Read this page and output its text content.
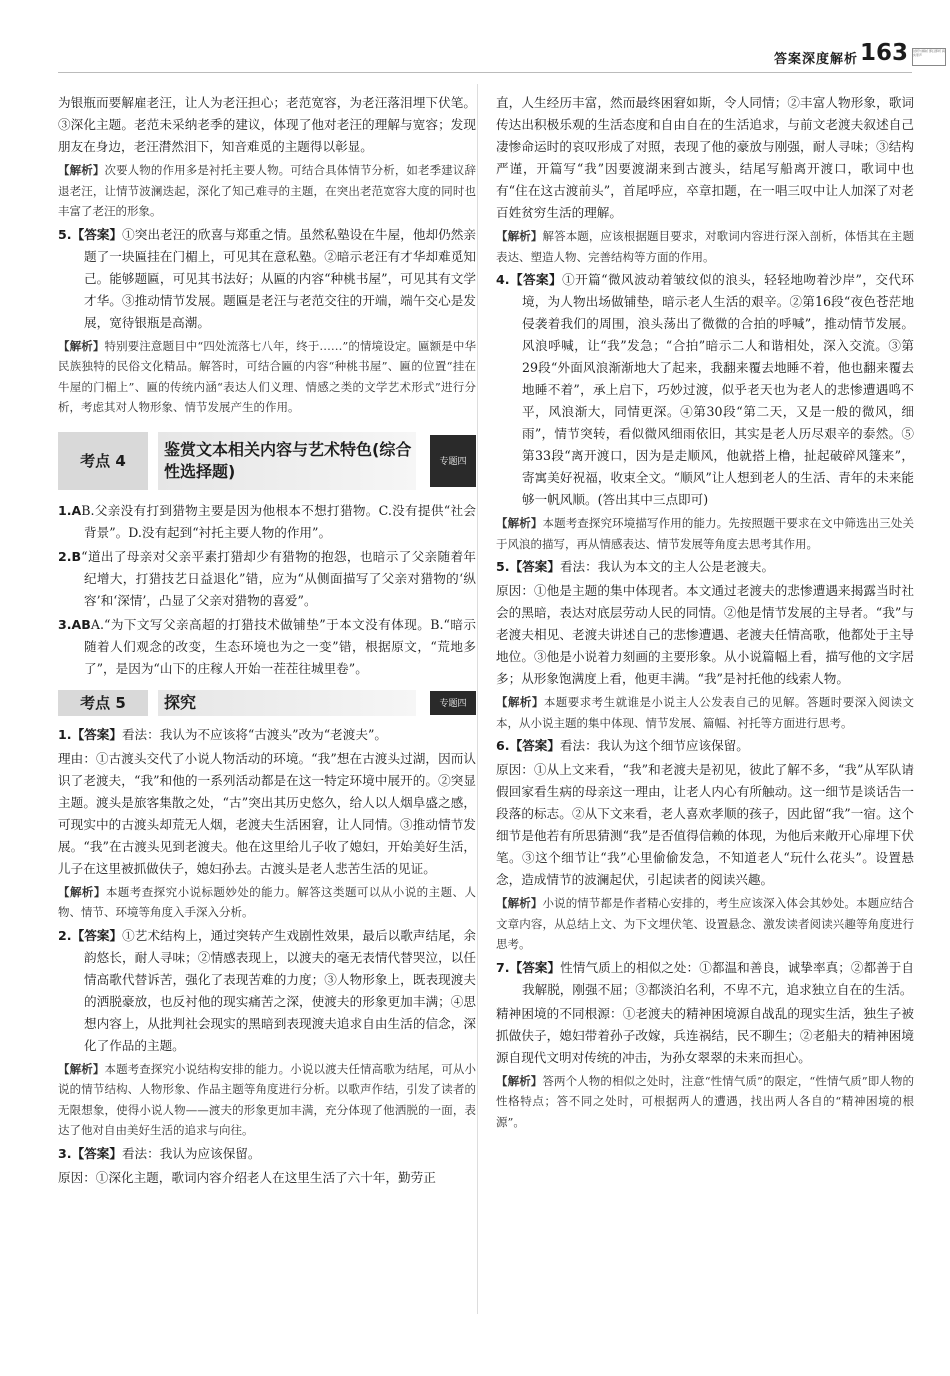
答案深度解析 163	试听与解析 即扫即听 真实原声

为银瓶而要解雇老汪，让人为老汪担心；老范宽容，为老汪落泪埋下伏笔。③深化主题。老范未采纳老季的建议，体现了他对老汪的理解与宽容；发现朋友在身边，老汪潸然泪下，知音难觅的主题得以彰显。

【解析】次要人物的作用多是衬托主要人物。可结合具体情节分析，如老季建议辞退老汪，让情节波澜迭起，深化了知己难寻的主题，在突出老范宽容大度的同时也丰富了老汪的形象。

5.【答案】①突出老汪的欣喜与郑重之情。虽然私塾设在牛屋，他却仍然亲题了一块匾挂在门楣上，可见其在意私塾。②暗示老汪有才华却难觅知己。能够题匾，可见其书法好；从匾的内容“种桃书屋”，可见其有文学才华。③推动情节发展。题匾是老汪与老范交往的开端，端午交心是发展，宽待银瓶是高潮。

【解析】特别要注意题目中“四处流落七八年，终于……”的情境设定。匾额是中华民族独特的民俗文化精品。解答时，可结合匾的内容“种桃书屋”、匾的位置“挂在牛屋的门楣上”、匾的传统内涵“表达人们义理、情感之类的文学艺术形式”进行分析，考虑其对人物形象、情节发展产生的作用。

考点 4
鉴赏文本相关内容与艺术特色(综合性选择题)	专题四

1.AB.父亲没有打到猎物主要是因为他根本不想打猎物。C.没有提供“社会背景”。D.没有起到“衬托主要人物的作用”。

2.B“道出了母亲对父亲平素打猎却少有猎物的抱怨，也暗示了父亲随着年纪增大，打猎技艺日益退化”错，应为“从侧面描写了父亲对猎物的‘纵容’和‘深情’，凸显了父亲对猎物的喜爱”。

3.ABA.“为下文写父亲高超的打猎技术做铺垫”于本文没有体现。B.“暗示随着人们观念的改变，生态环境也为之一变”错，根据原文，“荒地多了”，是因为“山下的庄稼人开始一茬茬往城里卷”。

考点 5	探究	专题四

1.【答案】看法：我认为不应该将“古渡头”改为“老渡夫”。

理由：①古渡头交代了小说人物活动的环境。“我”想在古渡头过湖，因而认识了老渡夫，“我”和他的一系列活动都是在这一特定环境中展开的。②突显主题。渡头是旅客集散之处，“古”突出其历史悠久，给人以人烟阜盛之感，可现实中的古渡头却荒无人烟，老渡夫生活困窘，让人同情。③推动情节发展。“我”在古渡头见到老渡夫。他在这里给儿子收了媳妇，开始美好生活，儿子在这里被抓做伕子，媳妇孙去。古渡头是老人悲苦生活的见证。

【解析】本题考查探究小说标题妙处的能力。解答这类题可以从小说的主题、人物、情节、环境等角度入手深入分析。

2.【答案】①艺术结构上，通过突转产生戏剧性效果，最后以歌声结尾，余韵悠长，耐人寻味；②情感表现上，以渡夫的毫无表情代替哭泣，以任情高歌代替诉苦，强化了表现苦难的力度；③人物形象上，既表现渡夫的洒脱豪放，也反衬他的现实痛苦之深，使渡夫的形象更加丰满；④思想内容上，从批判社会现实的黑暗到表现渡夫追求自由生活的信念，深化了作品的主题。

【解析】本题考查探究小说结构安排的能力。小说以渡夫任情高歌为结尾，可从小说的情节结构、人物形象、作品主题等角度进行分析。以歌声作结，引发了读者的无限想象，使得小说人物——渡夫的形象更加丰满，充分体现了他洒脱的一面，表达了他对自由美好生活的追求与向往。

3.【答案】看法：我认为应该保留。

原因：①深化主题，歌词内容介绍老人在这里生活了六十年，勤劳正

直，人生经历丰富，然而最终困窘如斯，令人同情；②丰富人物形象，歌词传达出积极乐观的生活态度和自由自在的生活追求，与前文老渡夫叙述自己凄惨命运时的哀叹形成了对照，表现了他的豪放与刚强，耐人寻味；③结构严谨，开篇写“我”因要渡湖来到古渡头，结尾写船离开渡口，歌词中也有“住在这古渡前头”，首尾呼应，卒章扣题，在一唱三叹中让人加深了对老百姓贫穷生活的理解。

【解析】解答本题，应该根据题目要求，对歌词内容进行深入剖析，体悟其在主题表达、塑造人物、完善结构等方面的作用。

4.【答案】①开篇“微风波动着皱纹似的浪头，轻轻地吻着沙岸”，交代环境，为人物出场做铺垫，暗示老人生活的艰辛。②第16段“夜色苍茫地侵袭着我们的周围，浪头荡出了微微的合拍的呼喊”，推动情节发展。风浪呼喊，让“我”发急；“合拍”暗示二人和谐相处，深入交流。③第29段“外面风浪渐渐地大了起来，我翻来覆去地睡不着，他也翻来覆去地睡不着”，承上启下，巧妙过渡，似乎老天也为老人的悲惨遭遇鸣不平，风浪渐大，同情更深。④第30段“第二天，又是一般的微风，细雨”，情节突转，看似微风细雨依旧，其实是老人历尽艰辛的泰然。⑤第33段“离开渡口，因为是走顺风，他就搭上橹，扯起破碎风篷来”，寄寓美好祝福，收束全文。“顺风”让人想到老人的生活、青年的未来能够一帆风顺。(答出其中三点即可)

【解析】本题考查探究环境描写作用的能力。先按照题干要求在文中筛选出三处关于风浪的描写，再从情感表达、情节发展等角度去思考其作用。

5.【答案】看法：我认为本文的主人公是老渡夫。

原因：①他是主题的集中体现者。本文通过老渡夫的悲惨遭遇来揭露当时社会的黑暗，表达对底层劳动人民的同情。②他是情节发展的主导者。“我”与老渡夫相见、老渡夫讲述自己的悲惨遭遇、老渡夫任情高歌，他都处于主导地位。③他是小说着力刻画的主要形象。从小说篇幅上看，描写他的文字居多；从形象饱满度上看，他更丰满。“我”是衬托他的线索人物。

【解析】本题要求考生就谁是小说主人公发表自己的见解。答题时要深入阅读文本，从小说主题的集中体现、情节发展、篇幅、衬托等方面进行思考。

6.【答案】看法：我认为这个细节应该保留。

原因：①从上文来看，“我”和老渡夫是初见，彼此了解不多，“我”从军队请假回家看生病的母亲这一理由，让老人内心有所触动。这一细节是谈话告一段落的标志。②从下文来看，老人喜欢孝顺的孩子，因此留“我”一宿。这个细节是他若有所思猜测“我”是否值得信赖的体现，为他后来敞开心扉埋下伏笔。③这个细节让“我”心里偷偷发急，不知道老人“玩什么花头”。设置悬念，造成情节的波澜起伏，引起读者的阅读兴趣。

【解析】小说的情节都是作者精心安排的，考生应该深入体会其妙处。本题应结合文章内容，从总结上文、为下文埋伏笔、设置悬念、激发读者阅读兴趣等角度进行思考。

7.【答案】性情气质上的相似之处：①都温和善良，诚挚率真；②都善于自我解脱，刚强不屈；③都淡泊名利，不卑不亢，追求独立自在的生活。

精神困境的不同根源：①老渡夫的精神困境源自战乱的现实生活，独生子被抓做伕子，媳妇带着孙子改嫁，兵连祸结，民不聊生；②老船夫的精神困境源自现代文明对传统的冲击，为孙女翠翠的未来而担心。

【解析】答两个人物的相似之处时，注意“性情气质”的限定，“性情气质”即人物的性格特点；答不同之处时，可根据两人的遭遇，找出两人各自的“精神困境的根源”。
